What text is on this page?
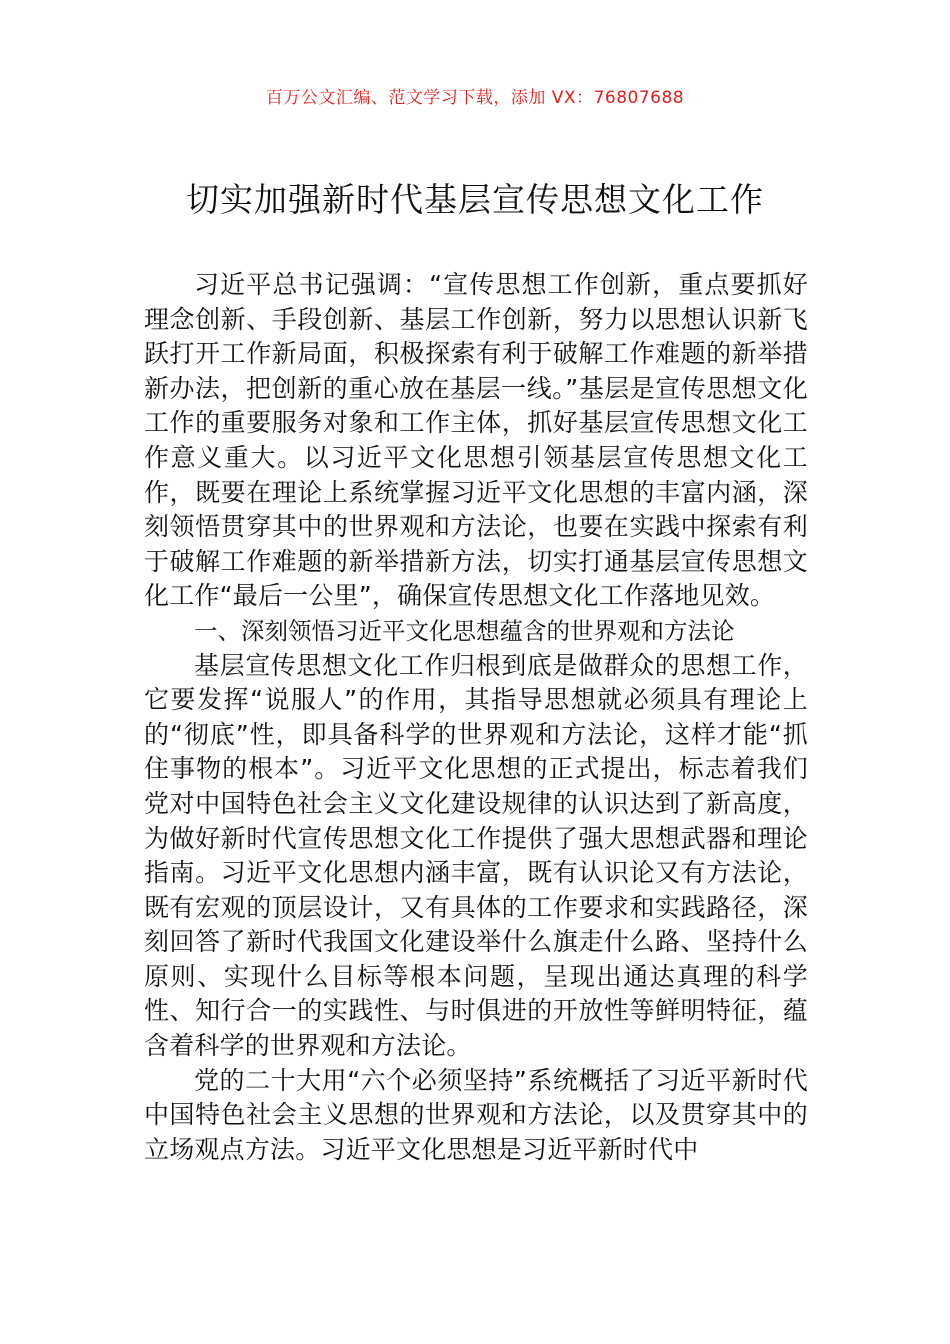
百万公文汇编、范文学习下载，添加 VX：76807688
切实加强新时代基层宣传思想文化工作

习近平总书记强调：“宣传思想工作创新，重点要抓好理念创新、手段创新、基层工作创新，努力以思想认识新飞跃打开工作新局面，积极探索有利于破解工作难题的新举措新办法，把创新的重心放在基层一线。”基层是宣传思想文化工作的重要服务对象和工作主体，抓好基层宣传思想文化工作意义重大。以习近平文化思想引领基层宣传思想文化工作，既要在理论上系统掌握习近平文化思想的丰富内涵，深刻领悟贯穿其中的世界观和方法论，也要在实践中探索有利于破解工作难题的新举措新方法，切实打通基层宣传思想文化工作“最后一公里”，确保宣传思想文化工作落地见效。

一、深刻领悟习近平文化思想蕴含的世界观和方法论

基层宣传思想文化工作归根到底是做群众的思想工作，它要发挥“说服人”的作用，其指导思想就必须具有理论上的“彻底”性，即具备科学的世界观和方法论，这样才能“抓住事物的根本”。习近平文化思想的正式提出，标志着我们党对中国特色社会主义文化建设规律的认识达到了新高度，为做好新时代宣传思想文化工作提供了强大思想武器和理论指南。习近平文化思想内涵丰富，既有认识论又有方法论，既有宏观的顶层设计，又有具体的工作要求和实践路径，深刻回答了新时代我国文化建设举什么旗走什么路、坚持什么原则、实现什么目标等根本问题，呈现出通达真理的科学性、知行合一的实践性、与时俱进的开放性等鲜明特征，蕴含着科学的世界观和方法论。

党的二十大用“六个必须坚持”系统概括了习近平新时代中国特色社会主义思想的世界观和方法论，以及贯穿其中的立场观点方法。习近平文化思想是习近平新时代中
